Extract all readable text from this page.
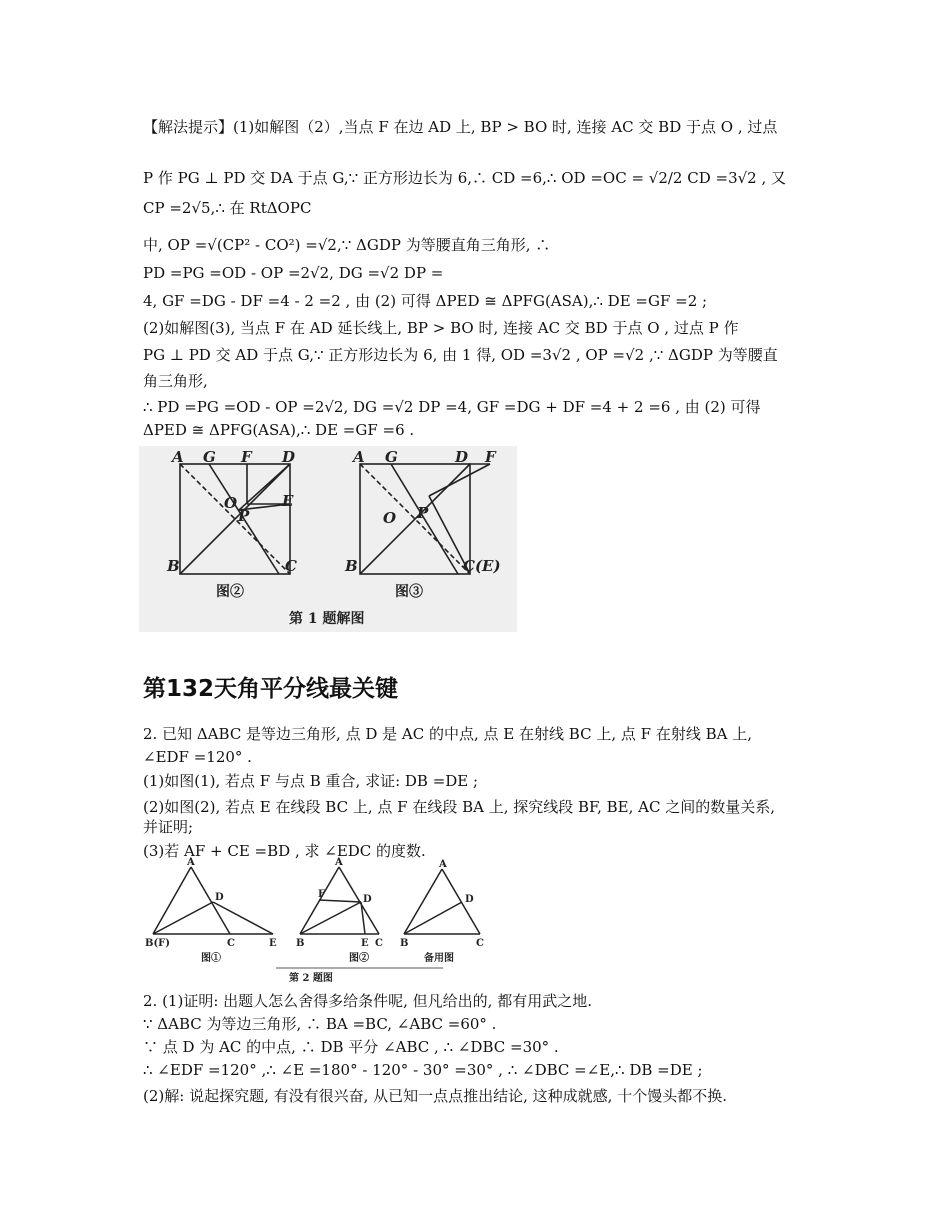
【解法提示】(1)如解图（2）,当点 F 在边 AD 上, BP > BO 时, 连接 AC 交 BD 于点 O , 过点
P 作 PG ⊥ PD 交 DA 于点 G,∵ 正方形边长为 6,∴ CD =6,∴ OD =OC = √2/2 CD =3√2 , 又
CP =2√5,∴ 在 RtΔOPC
中, OP =√(CP² - CO²) =√2,∵ ΔGDP 为等腰直角三角形, ∴
PD =PG =OD - OP =2√2, DG =√2 DP =
4, GF =DG - DF =4 - 2 =2 , 由 (2) 可得 ΔPED ≅ ΔPFG(ASA),∴ DE =GF =2 ;
(2)如解图(3), 当点 F 在 AD 延长线上, BP > BO 时, 连接 AC 交 BD 于点 O , 过点 P 作
PG ⊥ PD 交 AD 于点 G,∵ 正方形边长为 6, 由 1 得, OD =3√2 , OP =√2 ,∵ ΔGDP 为等腰直
角三角形,
∴ PD =PG =OD - OP =2√2, DG =√2 DP =4, GF =DG + DF =4 + 2 =6 , 由 (2) 可得
ΔPED ≅ ΔPFG(ASA),∴ DE =GF =6 .
A G F D
E
O
P
B	C
A G	D F
O P
B	C(E)
图②	图③
第 1 题解图
第132天角平分线最关键
2. 已知 ΔABC 是等边三角形, 点 D 是 AC 的中点, 点 E 在射线 BC 上, 点 F 在射线 BA 上,
∠EDF =120° .
(1)如图(1), 若点 F 与点 B 重合, 求证: DB =DE ;
(2)如图(2), 若点 E 在线段 BC 上, 点 F 在线段 BA 上, 探究线段 BF, BE, AC 之间的数量关系,
并证明;
(3)若 AF + CE =BD , 求 ∠EDC 的度数.
A
D
B(F)	C	E
A
F	D
B	E C
A
D
B	C
图①	图②	备用图
第 2 题图
2. (1)证明: 出题人怎么舍得多给条件呢, 但凡给出的, 都有用武之地.
∵ ΔABC 为等边三角形, ∴ BA =BC, ∠ABC =60° .
∵ 点 D 为 AC 的中点, ∴ DB 平分 ∠ABC , ∴ ∠DBC =30° .
∴ ∠EDF =120° ,∴ ∠E =180° - 120° - 30° =30° , ∴ ∠DBC =∠E,∴ DB =DE ;
(2)解: 说起探究题, 有没有很兴奋, 从已知一点点推出结论, 这种成就感, 十个馒头都不换.
